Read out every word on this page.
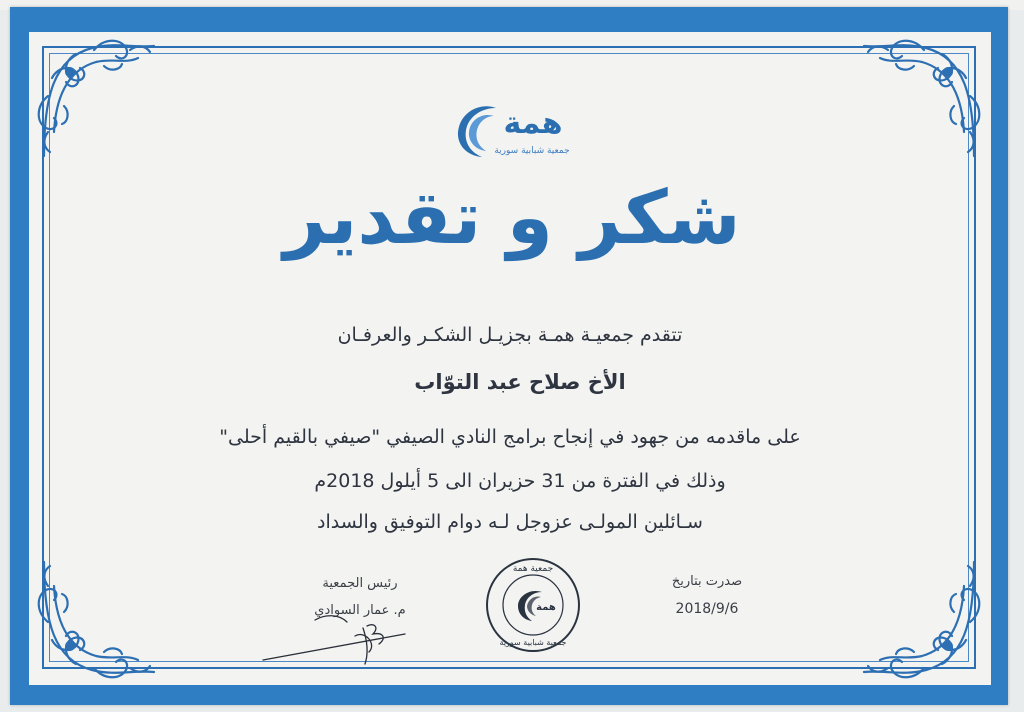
همة
جمعية شبابية سورية
شكر و تقدير
تتقدم جمعيـة همـة بجزيـل الشكـر والعرفـان
الأخ صلاح عبد التوّاب
على ماقدمه من جهود في إنجاح برامج النادي الصيفي "صيفي بالقيم أحلى"
وذلك في الفترة من 31 حزيران الى 5 أيلول 2018م
سـائلين المولـى عزوجل لـه دوام التوفيق والسداد
رئيس الجمعية
م. عمار السوادي
جمعية همة
همة
جمعية شبابية سورية
صدرت بتاريخ
2018/9/6
